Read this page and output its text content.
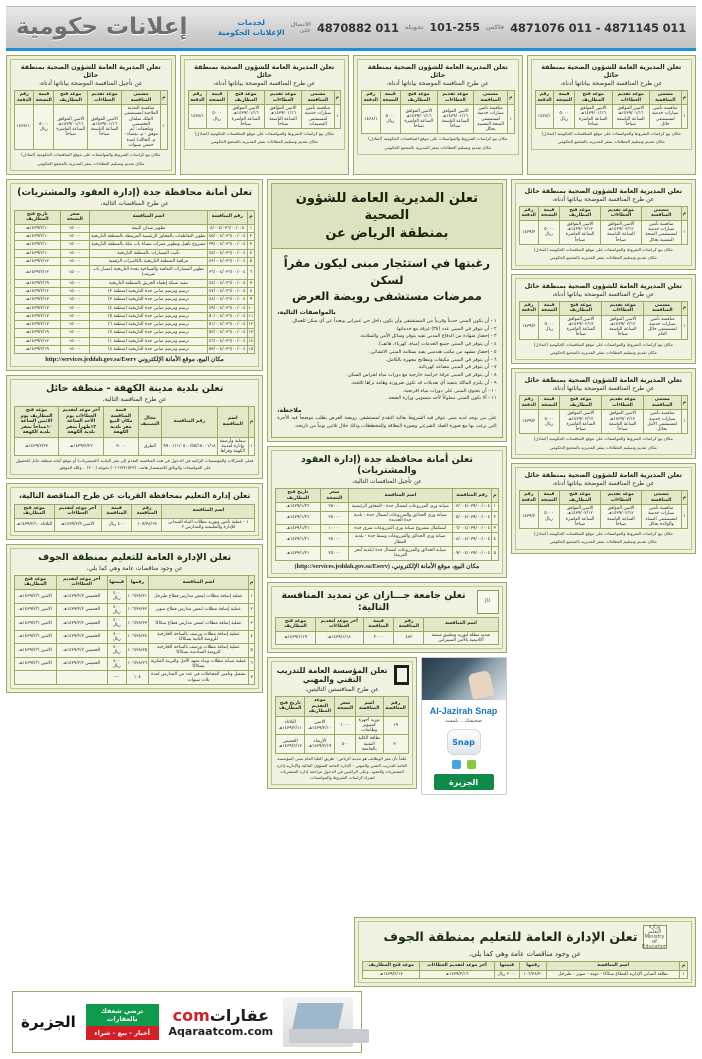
011 4871145 - 011 4871076
فاكس
101-255
تحويلة
011 4870882
الاتصال
على
لخدمات
الإعلانات الحكومية
إعلانات حكومية
تعلن المديرية العامة للشؤون الصحية بمنطقة حائل
عن طرح المنافسة الموضحة بياناتها أدناه،
م	مسمى المنافسة	موعد تقديم العطاءات	موعد فتح المظاريف	قيمة النسخة	رقم الدفعة
١	منافسة تأمين سيارات خدمية لمستشفى حائل	الاثنين الموافق ١٤٣٩/٠١/١٦هـ الساعة التاسعة صباحاً	الاثنين الموافق ١٤٣٩/٠١/١٦هـ الساعة العاشرة صباحاً	٥٠٠٠ ريال	١٤٣٨/١
مكان بيع كراسات الشروط والمواصفات على موقع المنافسات الحكومية (اتمادل)
مكان تقديم وتسليم العطاءات بمقر المديرية بالمجمع الحكومي
تعلن المديرية العامة للشؤون الصحية بمنطقة حائل
عن طرح المنافسة الموضحة بياناتها أدناه،
م	مسمى المنافسة	موعد تقديم العطاءات	موعد فتح المظاريف	قيمة النسخة	رقم الدفعة
١	منافسة تأمين سيارات خدمية لمستشفى الصحة النفسية بحائل	الاثنين الموافق ١٤٣٩/٠١/١٦هـ الساعة التاسعة صباحاً	الاثنين الموافق ١٤٣٩/٠١/١٦هـ الساعة العاشرة صباحاً	٥٠٠٠ ريال	١٤٣٨/١
مكان بيع كراسات الشروط والمواصفات على موقع المنافسات الحكومية (اتمادل)
مكان تقديم وتسليم العطاءات بمقر المديرية بالمجمع الحكومي
تعلن المديرية العامة للشؤون الصحية بمنطقة حائل
عن طرح المنافسة الموضحة بياناتها أدناه،
م	مسمى المنافسة	موعد تقديم العطاءات	موعد فتح المظاريف	قيمة النسخة	رقم الدفعة
١	منافسة تأمين سيارات خدمية لمستشفى العضيمات	الاثنين الموافق ١٤٣٩/٠١/١٦هـ الساعة التاسعة صباحاً	الاثنين الموافق ١٤٣٩/٠١/١٦هـ الساعة العاشرة صباحاً	٥٠٠٠ ريال	١٤٣٨/١
مكان بيع كراسات الشروط والمواصفات على موقع المنافسات الحكومية (اتمادل)
مكان تقديم وتسليم العطاءات بمقر المديرية بالمجمع الحكومي
تعلن المديرية العامة للشؤون الصحية بمنطقة حائل
عن تأجيل المنافسة الموضحة بياناتها أدناه،
م	مسمى المنافسة	موعد تقديم العطاءات	موعد فتح المظاريف	قيمة النسخة	رقم الدفعة
١	منافسة التغذية العلاجية لمستشفى الملك سلمان التخصصي وملحقاته: (م. موقق - م. يقضاء - م. الجالك) لمدة خمس سنوات	الاثنين الموافق ١٤٣٩/٠١/١٦هـ الساعة التاسعة صباحاً	الاثنين الموافق ١٤٣٩/٠١/١٦هـ الساعة العاشرة صباحاً	٥٠٠٠ ريال	١٤٣٨/١٠
مكان بيع كراسات الشروط والمواصفات على موقع المنافسات الحكومية (اتمادل)
مكان تقديم وتسليم العطاءات بمقر المديرية بالمجمع الحكومي
تعلن المديرية العامة للشؤون الصحية بمنطقة حائل
عن طرح المنافسة الموضحة بياناتها أدناه،
م	مسمى المنافسة	موعد تقديم العطاءات	موعد فتح المظاريف	قيمة النسخة	رقم الدفعة
١	منافسة تأمين سيارات خدمية لمستشفى الصحة النفسية بحائل	الاثنين الموافق ١٤٣٩/٠٢/١٢هـ الساعة التاسعة صباحاً	الاثنين الموافق ١٤٣٩/٠٢/١٢هـ الساعة العاشرة صباحاً	٥٠٠٠ ريال	١٤٣٩/٢
مكان بيع كراسات الشروط والمواصفات على موقع المنافسات الحكومية (اتمادل)
مكان تقديم وتسليم العطاءات بمقر المديرية بالمجمع الحكومي
تعلن المديرية العامة للشؤون الصحية بمنطقة حائل
عن طرح المنافسة الموضحة بياناتها أدناه،
م	مسمى المنافسة	موعد تقديم العطاءات	موعد فتح المظاريف	قيمة النسخة	رقم الدفعة
١	منافسة تأمين سيارات خدمية لمستشفى حائل العام	الاثنين الموافق ١٤٣٩/٠٢/١٢هـ الساعة التاسعة صباحاً	الاثنين الموافق ١٤٣٩/٠٢/١٢هـ الساعة العاشرة صباحاً	٥٠٠٠ ريال	١٤٣٩/٢
مكان بيع كراسات الشروط والمواصفات على موقع المنافسات الحكومية (اتمادل)
مكان تقديم وتسليم العطاءات بمقر المديرية بالمجمع الحكومي
تعلن المديرية العامة للشؤون الصحية بمنطقة حائل
عن طرح المنافسة الموضحة بياناتها أدناه،
م	مسمى المنافسة	موعد تقديم العطاءات	موعد فتح المظاريف	قيمة النسخة	رقم الدفعة
١	منافسة تأمين سيارات خدمية لمستشفى الأمل بحائل	الاثنين الموافق ١٤٣٩/٠٢/١٢هـ الساعة التاسعة صباحاً	الاثنين الموافق ١٤٣٩/٠٢/١٢هـ الساعة العاشرة صباحاً	٥٠٠٠ ريال	١٤٣٩/٢
مكان بيع كراسات الشروط والمواصفات على موقع المنافسات الحكومية (اتمادل)
مكان تقديم وتسليم العطاءات بمقر المديرية بالمجمع الحكومي
تعلن المديرية العامة للشؤون الصحية بمنطقة حائل
عن طرح المنافسة الموضحة بياناتها أدناه،
م	مسمى المنافسة	موعد تقديم العطاءات	موعد فتح المظاريف	قيمة النسخة	رقم الدفعة
١	منافسة تأمين سيارات خدمية لمستشفى النساء والولادة بحائل	الاثنين الموافق ١٤٣٩/٠٢/١٢هـ الساعة التاسعة صباحاً	الاثنين الموافق ١٤٣٩/٠٢/١٢هـ الساعة العاشرة صباحاً	٥٠٠٠ ريال	١٤٣٩/٢
مكان بيع كراسات الشروط والمواصفات على موقع المنافسات الحكومية (اتمادل)
مكان تقديم وتسليم العطاءات بمقر المديرية بالمجمع الحكومي
تعلن المديرية العامة للشؤون الصحية
بمنطقة الرياض عن
رغبتها في استئجار مبنى ليكون مقراً لسكن
ممرضات مستشفى رويضة العرض
بالمواصفات التالية،
١ - أن يكون المبنى حديثاً وقريباً من المستشفى وأن يكون داخل حي عمراني وبعيداً عن أي سكن للعمال.
٢ - أن يتوفر في المبنى عدد (٣٥) غرفة مع خدماتها.
٣ - إحضار شهادة من الدفاع المدني تفيد بتوفر وسائل الأمن والسلامة.
٤ - أن يتوفر في المبنى جميع الخدمات (مياه، كهرباء، هاتف).
٥ - إحضار مشهد من مكتب هندسي يفيد بسلامة المبنى الانشائي.
٦ - أن يتوفر في المبنى مكيفات ومطابخ مجهزة بالكامل.
٧ - أن يتوفر في المبنى مصاعد كهربائية.
٨ - أن يتوفر في المبنى غرفة حراسة خارجية مع دورات مياه لحراس السكن.
٩ - أن يلتزم المالك بتنفيذ أي تعديلات قد تكون ضرورية وهامة تراها اللجنة.
١٠ - أن يحتوي المبنى على دورات مياه افرنجية.
١١ - ألا يكون المبنى مملوكاً لأحد منسوبي وزارة الصحة.
ملاحظة،
على من يوجد لديه مبنى تتوفر فيه الشروط بعالية التقدم لمستشفى رويضة العرض بطلب موضحاً فيه الأجرة التي يرغب بها مع صورة الصك الشرعي وصورة البطاقة والمخططات وذلك خلال ثلاثين يوماً من تاريخه.
تعلن أمانة محافظة جدة (إدارة العقود والمشتريات)
عن تأجيل المنافسات التالية،
م	رقم المنافسة	اسم المنافسة	سعر النسخة	تاريخ فتح المظاريف
١	٠٣/٠٠٤/٠٣٩/٠٠/٠٠٤	صيانة وري المزروعات لشمال جدة - المحاور الرئيسية	٢٥٠٠٠	١٤٣٩/١/٢٦هـ
٢	٠٥/٠٠٤/٠٣٩/٠٠/٠٠٤	صيانة وري الحدائق والمزروعات لشمال جدة - بلدية جدة الجديدة	٢٥٠٠٠	١٤٣٩/١/٢٦هـ
٣	٠٦/٠٠٤/٠٣٩/٠٠/٠٠٤	استكمال مشروع صيانة وري المزروعات شرق جدة	١٠٠٠٠	١٤٣٩/١/٢١هـ
٤	٠٨/٠٠٤/٠٣٩/٠٠/٠٠٤	صيانة وري الحدائق والمزروعات وسط جدة - بلدية المطار	٢٥٠٠٠	١٤٣٩/١/٢١هـ
٥	٠٩/٠٠٤/٠٣٩/٠٠/٠٠٤	صيانة الحدائق والمزروعات لشمال جدة (بلدية أبحر الغربية)	٢٥٠٠٠	١٤٣٩/١/٢١هـ
مكان البيع، موقع الأمانة الإلكتروني، (http://services.jeddah.gov.sa/Eserv)
JU
تعلن جامعة جـــازان عن تمديد المنافسة التالية:
اسم المنافسة	رقم المنافسة	قيمة المنافسة	آخر موعد لتقديم العطاءات	موعد فتح المظاريف
شديد مظلة لتوريد وتطبيق منصة أكاديمية بالأمن السيبراني	٤٨٢	٢٠٠٠	١٤٣٩/١/١٨هـ	١٤٣٩/١/١٩هـ
Al-Jazirah Snap
صحيفتك .. بلمسة
Snap
الجزيرة
تعلن المؤسسة العامة للتدريب التقني والمهني
عن طرح المنافستين التاليتين،
رقم المنافسة	اسم المنافسة	سعر النسخة	موعد التقديم المظاريف	تاريخ فتح المظاريف
١٩	توريد أجهزة كمبيوتر وطابعات	١٠٠٠	الاثنين ١٤٣٩/٢/١٠هـ	الثلاثاء ١٤٣٩/٢/١١هـ
٢٠	نظافة الكلية التقنية بالجامعة	٥٠٠	الأربعاء ١٤٣٩/٢/١٩هـ	الخميس ١٤٣٩/٢/١٣هـ
علماً بأن مقر الوظائف هو مدينة الرياض - طريق العليا العام مبنى المؤسسة العامة للتدريب التقني والمهني - الإدارة العامة للشؤون المالية والإدارية إدارة المشتريات والعقود، وعلى الراغبين في الدخول مراجعة إدارة المشتريات لشراء كراسات الشروط والمواصفات.
تعلن أمانة محافظة جدة (إدارة العقود والمشتريات)
عن طرح المنافسات التالية،
م	رقم المنافسة	اسم المنافسة	سعر النسخة	تاريخ فتح المظاريف
١	٤/٠٠٤/٠٣٦/٠٠/٠٠٤	تطوير ميدان البيعة	١٥٠٠٠	١٤٣٩/٢/١٠هـ
٢	٤٥/٠٠٤/٠٣٦/٠٠/٠٠٤	تطوير التقاطعات بالمحاور الرئيسية المرتبطة بالمنطقة التاريخية	١٥٠٠٠	١٤٣٩/٢/١٠هـ
٣	٣٩/٠٠٤/٠٣٦/٠٠/٠٠٤	مشروع تأهيل وتطوير ممرات مشاة باب مكة بالمنطقة التاريخية	١٥٠٠٠	١٤٣٩/٢/١٠هـ
٤	٤٤/٠٠٤/٠٣٦/٠٠/٠٠٤	تأثيث المسارات بالمنطقة التاريخية	١٥٠٠٠	١٤٣٩/٢/١٠هـ
٥	٤٣/٠٠٤/٠٣٦/٠٠/٠٠٤	مراقبة المنطقة التاريخية بالكاميرات الرقمية	١٥٠٠٠	١٤٣٩/٢/١٢هـ
٦	٣٦/٠٠٤/٠٣٦/٠٠/٠٠٤	تطوير المسارات الثقافية والسياحية بجدة التاريخية (مسار باب شريف)	١٥٠٠٠	١٤٣٩/٢/١٢هـ
٧	٤٤/٠٠٤/٠٣٦/٠٠/٠٠٤	تنفيذ شبكة إطفاء الحريق بالمنطقة التاريخية	١٥٠٠٠	١٤٣٩/٢/١٩هـ
٨	٤٧/٠٠٤/٠٣٦/٠٠/٠٠٤	ترميم وترميم مباني جدة التاريخية (منطقة ٢)	١٥٠٠٠	١٤٣٩/٢/١٢هـ
٩	٤٨/٠٠٤/٠٣٦/٠٠/٠٠٤	ترميم وترميم مباني جدة التاريخية (منطقة ٣)	١٥٠٠٠	١٤٣٩/٢/١٧هـ
١٠	٤٩/٠٠٤/٠٣٦/٠٠/٠٠٤	ترميم وترميم مباني جدة التاريخية (منطقة ٤)	١٥٠٠٠	١٤٣٩/٢/١٧هـ
١١	٥٠/٠٠٤/٠٣٦/٠٠/٠٠٤	ترميم وترميم مباني جدة التاريخية (منطقة ٥)	١٥٠٠٠	١٤٣٩/٢/١٧هـ
١٢	٥١/٠٠٤/٠٣٦/٠٠/٠٠٤	ترميم وترميم مباني جدة التاريخية (منطقة ٦)	١٥٠٠٠	١٤٣٩/٢/١٧هـ
١٣	٥٢/٠٠٤/٠٣٦/٠٠/٠٠٤	ترميم وترميم مباني جدة التاريخية (منطقة ٧)	١٥٠٠٠	١٤٣٩/٢/١٩هـ
١٤	٤٦/٠٠٤/٠٣٦/٠٠/٠٠٤	ترميم وترميم مباني جدة التاريخية (منطقة ١)	١٥٠٠٠	١٤٣٩/٢/١٢هـ
١٥	٥٣/٠٠٤/٠٣٦/٠٠/٠٠٤	ترميم وترميم مباني جدة التاريخية (منطقة ٨)	١٥٠٠٠	١٤٣٩/٢/١٩هـ
مكان البيع، موقع الأمانة الإلكتروني http://services.jeddah.gov.sa/Eserv
تعلن بلدية مدينة الكهفة - منطقة حائل
عن طرح المنافسة التالية،
م	اسم المنافسة	رقم المنافسة	مجال التصنيف	قيمة المنافسة مكان البيع مقر بلدية الكهفة	آخر موعد لتقديم العطاءات يوم الأحد الساعة ١٢ظهراً بمقر بلدية الكهفة	موعد فتح المظاريف يوم الاثنين الساعة ١٠صباحاً بمقر بلدية الكهفة
١	سفلتة وأرصفة وإنارة لمدينة الكهفة وقراها	٩٩٠٠/١١/٠٥٠٠/٥٥/١٥٠٠١/١٨	الطرق	٣٠٠٠	١٤٣٩/٢/٢٢هـ	١٤٣٩/٢/٢٣هـ
فعلى الشركات والمؤسسات الراغبة في الدخول في هذه المنافسة التقدم إلى مقر البلدية (المشتريات) أو موقع أمانة منطقة حائل للحصول على المواصفات والوثائق للاستفسار هاتف: (٠١٦٦٧٧١٥٢٣) تحويلة (٢٠٠) .. والله الموفق.
تعلن إدارة التعليم بمحافظة القريات عن طرح المناقصة التالية،
اسم المنافسة	رقم المنافسة	قيمة المنافسة	آخر موعد لتقديم العطاءات	موعد فتح المظاريف
١ - عملية تأمين وتوريد مظلات البناء الميداني للإدارة والتعليمية والمدارس ٢	١٠٧/٣٨/١٩	٤٠٠ ريال	الاثنين ١٤٣٩/٢/٩هـ	الثلاثاء ١٤٣٩/٢/١٠هـ
تعلن الإدارة العامة للتعليم بمنطقة الجوف
عن وجود مناقصات عامة وهي كما يلي،
م	اسم المنافسة	رقمها	قيمتها	آخر موعد لتقديم العطاءات	موعد فتح المظاريف
١	عملية إضافة مظلات لبعض مدارس قطاع طبرجل	١٠٦/٣٨/٣١	٤٠٠ ريال	الخميس ١٤٣٩/٢/٢هـ	الاثنين ١٤٣٩/٢/٦هـ
٢	عملية إضافة مظلات لبعض مدارس قطاع صوير	١٠٦/٣٨/٣٢	٤٠٠ ريال	الخميس ١٤٣٩/٢/٢هـ	الاثنين ١٤٣٩/٢/٦هـ
٣	عملية إضافة مظلات لبعض مدارس قطاع سكاكا	١٠٦/٣٨/٣٣	٤٠٠ ريال	الخميس ١٤٣٩/٢/٢هـ	الاثنين ١٤٣٩/٢/٦هـ
٤	عملية إضافة مظلات ورصف بالساحة الخارجية للروضة الثانية بسكاكا	١٠٦/٣٨/٣٤	٤٠٠ ريال	الخميس ١٤٣٩/٢/٢هـ	الاثنين ١٤٣٩/٢/٦هـ
٥	عملية إضافة مظلات ورصف بالساحة الخارجية للروضة السادسة بسكاكا	١٠٦/٣٨/٣٥	٤٠٠ ريال	الخميس ١٤٣٩/٢/٢هـ	الاثنين ١٤٣٩/٢/٦هـ
٦	عملية صيانة مظلات وبناء معهد الأمل والتربية الفكرية بسكاكا	١٠٦/٣٨/٣٦	٤٠٠ ريال	الخميس ١٤٣٩/٢/٢هـ	الاثنين ١٤٣٩/٢/٦هـ
٧	تشغيل وتأمين المجاملات في عدد من المدارس لمدة ثلاث سنوات	١٠٤	---		
وزارة التعليم Ministry of Education
تعلن الإدارة العامة للتعليم بمنطقة الجوف
عن وجود مناقصات عامة وهي كما يلي،
م	اسم المنافسة	رقمها	قيمتها	آخر موعد لتقديم العطاءات	موعد فتح المظاريف
١	نظافة المباني الإدارية للقطاع سكاكا - دومة - صوير - طبرجل	١٠٦/٣٨/٣٠	٢٠٠٠ ريال	١٤٣٩/٢/١٦هـ	١٤٣٩/٢/١٧هـ
عقاراتcom
Aqaraatcom.com
ترضي شغفك بالعقارات
أخبار - بيع - شراء
الجزيرة
